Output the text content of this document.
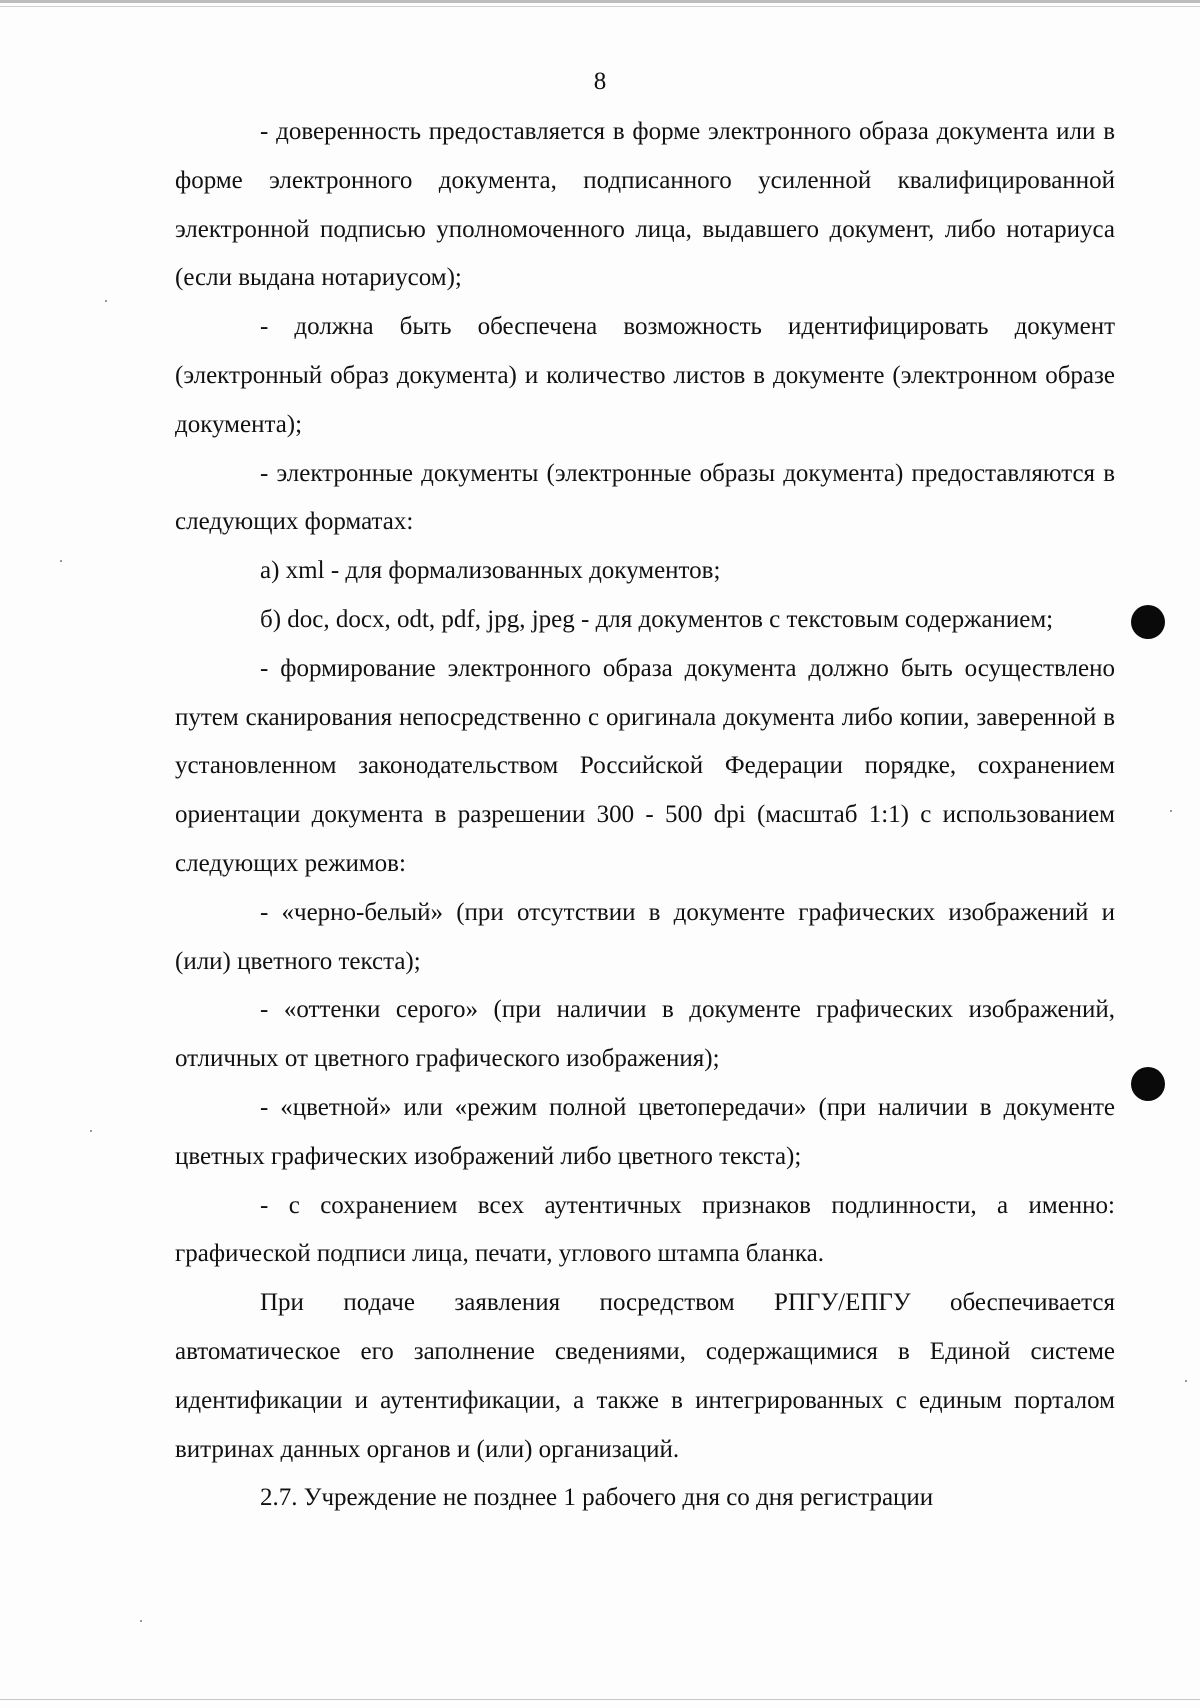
8

- доверенность предоставляется в форме электронного образа документа или в форме электронного документа, подписанного усиленной квалифицированной электронной подписью уполномоченного лица, выдавшего документ, либо нотариуса (если выдана нотариусом);

- должна быть обеспечена возможность идентифицировать документ (электронный образ документа) и количество листов в документе (электронном образе документа);

- электронные документы (электронные образы документа) предоставляются в следующих форматах:

а) xml - для формализованных документов;

б) doc, docx, odt, pdf, jpg, jpeg - для документов с текстовым содержанием;

- формирование электронного образа документа должно быть осуществлено путем сканирования непосредственно с оригинала документа либо копии, заверенной в установленном законодательством Российской Федерации порядке, сохранением ориентации документа в разрешении 300 - 500 dpi (масштаб 1:1) с использованием следующих режимов:

- «черно-белый» (при отсутствии в документе графических изображений и (или) цветного текста);

- «оттенки серого» (при наличии в документе графических изображений, отличных от цветного графического изображения);

- «цветной» или «режим полной цветопередачи» (при наличии в документе цветных графических изображений либо цветного текста);

- с сохранением всех аутентичных признаков подлинности, а именно: графической подписи лица, печати, углового штампа бланка.

При подаче заявления посредством РПГУ/ЕПГУ обеспечивается автоматическое его заполнение сведениями, содержащимися в Единой системе идентификации и аутентификации, а также в интегрированных с единым порталом витринах данных органов и (или) организаций.

2.7. Учреждение не позднее 1 рабочего дня со дня регистрации
